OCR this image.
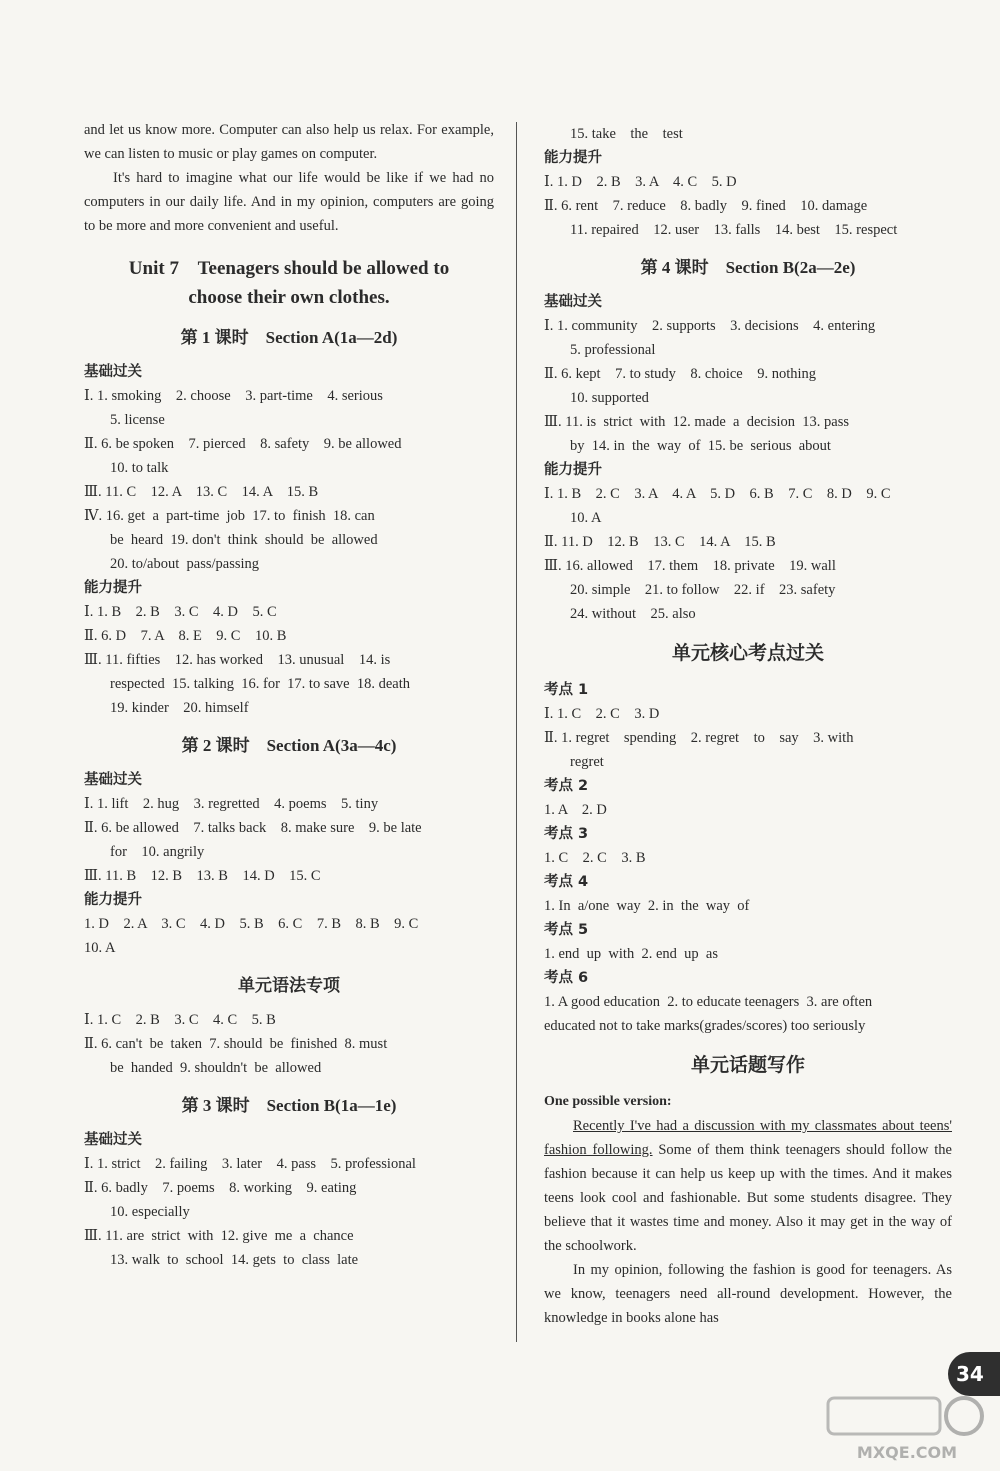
and let us know more. Computer can also help us relax. For example, we can listen to music or play games on computer.

It's hard to imagine what our life would be like if we had no computers in our daily life. And in my opinion, computers are going to be more and more convenient and useful.

Unit 7    Teenagers should be allowed to
choose their own clothes.
第 1 课时    Section A(1a—2d)

基础过关

Ⅰ. 1. smoking    2. choose    3. part-time    4. serious

5. license

Ⅱ. 6. be spoken    7. pierced    8. safety    9. be allowed

10. to talk

Ⅲ. 11. C    12. A    13. C    14. A    15. B

Ⅳ. 16. get  a  part-time  job  17. to  finish  18. can

be  heard  19. don't  think  should  be  allowed

20. to/about  pass/passing

能力提升

Ⅰ. 1. B    2. B    3. C    4. D    5. C

Ⅱ. 6. D    7. A    8. E    9. C    10. B

Ⅲ. 11. fifties    12. has worked    13. unusual    14. is

respected  15. talking  16. for  17. to save  18. death

19. kinder    20. himself

第 2 课时    Section A(3a—4c)

基础过关

Ⅰ. 1. lift    2. hug    3. regretted    4. poems    5. tiny

Ⅱ. 6. be allowed    7. talks back    8. make sure    9. be late

for    10. angrily

Ⅲ. 11. B    12. B    13. B    14. D    15. C

能力提升

1. D    2. A    3. C    4. D    5. B    6. C    7. B    8. B    9. C

10. A

单元语法专项

Ⅰ. 1. C    2. B    3. C    4. C    5. B

Ⅱ. 6. can't  be  taken  7. should  be  finished  8. must

be  handed  9. shouldn't  be  allowed

第 3 课时    Section B(1a—1e)

基础过关

Ⅰ. 1. strict    2. failing    3. later    4. pass    5. professional

Ⅱ. 6. badly    7. poems    8. working    9. eating

10. especially

Ⅲ. 11. are  strict  with  12. give  me  a  chance

13. walk  to  school  14. gets  to  class  late

15. take    the    test

能力提升

Ⅰ. 1. D    2. B    3. A    4. C    5. D

Ⅱ. 6. rent    7. reduce    8. badly    9. fined    10. damage

11. repaired    12. user    13. falls    14. best    15. respect

第 4 课时    Section B(2a—2e)

基础过关

Ⅰ. 1. community    2. supports    3. decisions    4. entering

5. professional

Ⅱ. 6. kept    7. to study    8. choice    9. nothing

10. supported

Ⅲ. 11. is  strict  with  12. made  a  decision  13. pass

by  14. in  the  way  of  15. be  serious  about

能力提升

Ⅰ. 1. B    2. C    3. A    4. A    5. D    6. B    7. C    8. D    9. C

10. A

Ⅱ. 11. D    12. B    13. C    14. A    15. B

Ⅲ. 16. allowed    17. them    18. private    19. wall

20. simple    21. to follow    22. if    23. safety

24. without    25. also

单元核心考点过关

考点 1

Ⅰ. 1. C    2. C    3. D

Ⅱ. 1. regret    spending    2. regret    to    say    3. with

regret

考点 2

1. A    2. D

考点 3

1. C    2. C    3. B

考点 4

1. In  a/one  way  2. in  the  way  of

考点 5

1. end  up  with  2. end  up  as

考点 6

1. A good education  2. to educate teenagers  3. are often

educated not to take marks(grades/scores) too seriously

单元话题写作

One possible version:

Recently I've had a discussion with my classmates about teens' fashion following. Some of them think teenagers should follow the fashion because it can help us keep up with the times. And it makes teens look cool and fashionable. But some students disagree. They believe that it wastes time and money. Also it may get in the way of the schoolwork.

In my opinion, following the fashion is good for teenagers. As we know, teenagers need all-round development. However, the knowledge in books alone has

34
MXQE.COM
